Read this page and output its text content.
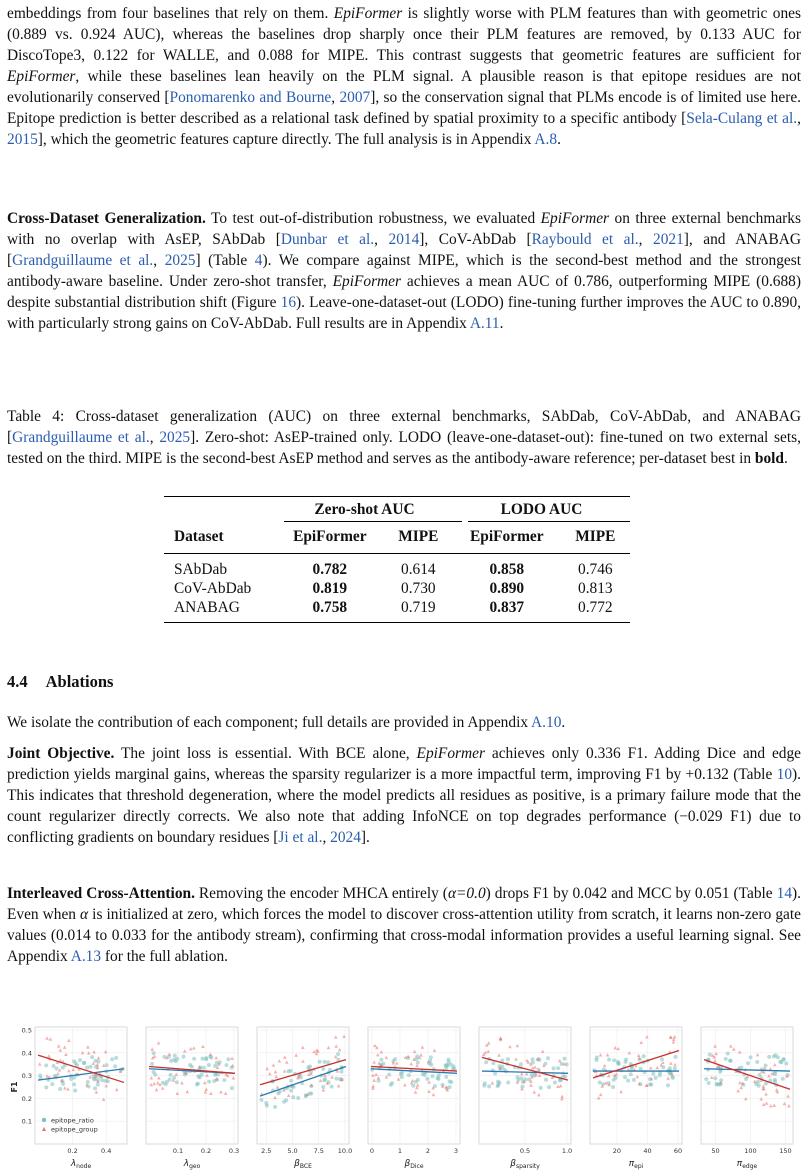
embeddings from four baselines that rely on them. EpiFormer is slightly worse with PLM features than with geometric ones (0.889 vs. 0.924 AUC), whereas the baselines drop sharply once their PLM features are removed, by 0.133 AUC for DiscoTope3, 0.122 for WALLE, and 0.088 for MIPE. This contrast suggests that geometric features are sufficient for EpiFormer, while these baselines lean heavily on the PLM signal. A plausible reason is that epitope residues are not evolutionarily conserved [Ponomarenko and Bourne, 2007], so the conservation signal that PLMs encode is of limited use here. Epitope prediction is better described as a relational task defined by spatial proximity to a specific antibody [Sela-Culang et al., 2015], which the geometric features capture directly. The full analysis is in Appendix A.8.
Cross-Dataset Generalization. To test out-of-distribution robustness, we evaluated EpiFormer on three external benchmarks with no overlap with AsEP, SAbDab [Dunbar et al., 2014], CoV-AbDab [Raybould et al., 2021], and ANABAG [Grandguillaume et al., 2025] (Table 4). We compare against MIPE, which is the second-best method and the strongest antibody-aware baseline. Under zero-shot transfer, EpiFormer achieves a mean AUC of 0.786, outperforming MIPE (0.688) despite substantial distribution shift (Figure 16). Leave-one-dataset-out (LODO) fine-tuning further improves the AUC to 0.890, with particularly strong gains on CoV-AbDab. Full results are in Appendix A.11.
Table 4: Cross-dataset generalization (AUC) on three external benchmarks, SAbDab, CoV-AbDab, and ANABAG [Grandguillaume et al., 2025]. Zero-shot: AsEP-trained only. LODO (leave-one-dataset-out): fine-tuned on two external sets, tested on the third. MIPE is the second-best AsEP method and serves as the antibody-aware reference; per-dataset best in bold.
	Zero-shot AUC		LODO AUC	
Dataset	EpiFormer	MIPE	EpiFormer	MIPE

SAbDab	0.782	0.614	0.858	0.746
CoV-AbDab	0.819	0.730	0.890	0.813
ANABAG	0.758	0.719	0.837	0.772
4.4 Ablations
We isolate the contribution of each component; full details are provided in Appendix A.10.
Joint Objective. The joint loss is essential. With BCE alone, EpiFormer achieves only 0.336 F1. Adding Dice and edge prediction yields marginal gains, whereas the sparsity regularizer is a more impactful term, improving F1 by +0.132 (Table 10). This indicates that threshold degeneration, where the model predicts all residues as positive, is a primary failure mode that the count regularizer directly corrects. We also note that adding InfoNCE on top degrades performance (−0.029 F1) due to conflicting gradients on boundary residues [Ji et al., 2024].
Interleaved Cross-Attention. Removing the encoder MHCA entirely (α=0.0) drops F1 by 0.042 and MCC by 0.051 (Table 14). Even when α is initialized at zero, which forces the model to discover cross-attention utility from scratch, it learns non-zero gate values (0.014 to 0.033 for the antibody stream), confirming that cross-modal information provides a useful learning signal. See Appendix A.13 for the full ablation.
F1
0.1
0.2
0.3
0.4
0.5
0.2	0.4
$\lambda_{node}$
0.1	0.2	0.3
$\lambda_{geo}$
2.5 5.0 7.5 10.0
$\beta_{BCE}$
0	1	2	3
$\beta_{Dice}$
0.5	1.0
$\beta_{sparsity}$
20	40	60
$\pi_{epi}$
50	100	150
$\pi_{edge}$
epitope_ratio
epitope_group
